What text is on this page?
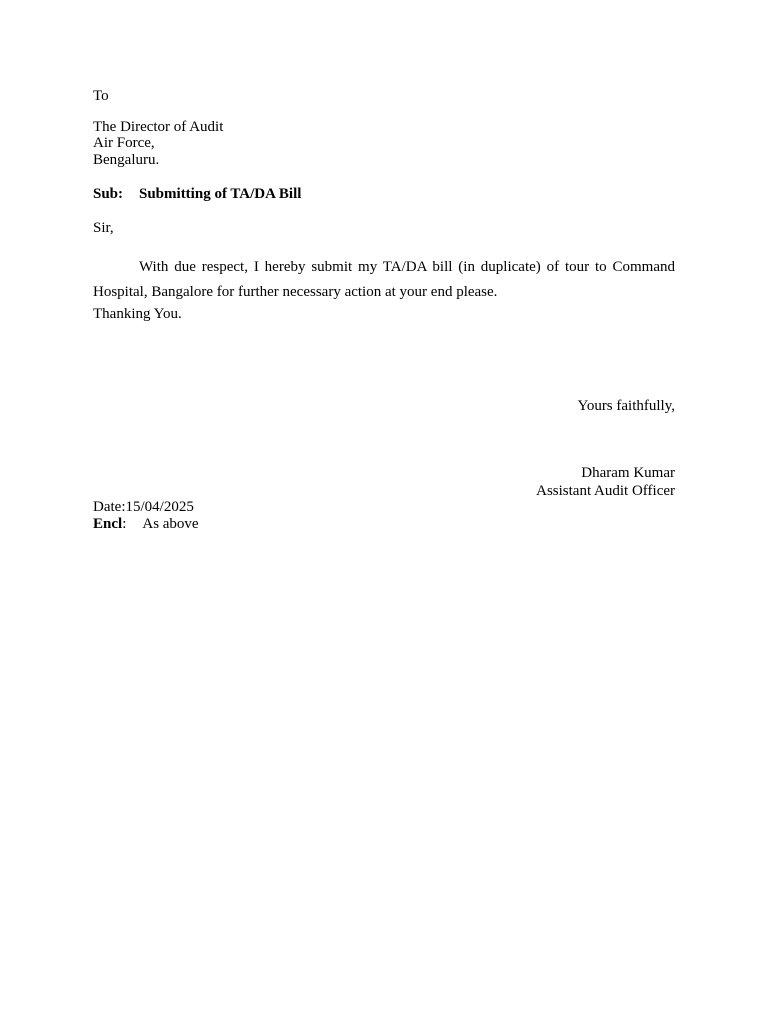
To
The Director of Audit
Air Force,
Bengaluru.
Sub: Submitting of TA/DA Bill
Sir,
With due respect, I hereby submit my TA/DA bill (in duplicate) of tour to Command Hospital, Bangalore for further necessary action at your end please.
Thanking You.
Yours faithfully,
Dharam Kumar
Assistant Audit Officer
Date:15/04/2025
Encl: As above
